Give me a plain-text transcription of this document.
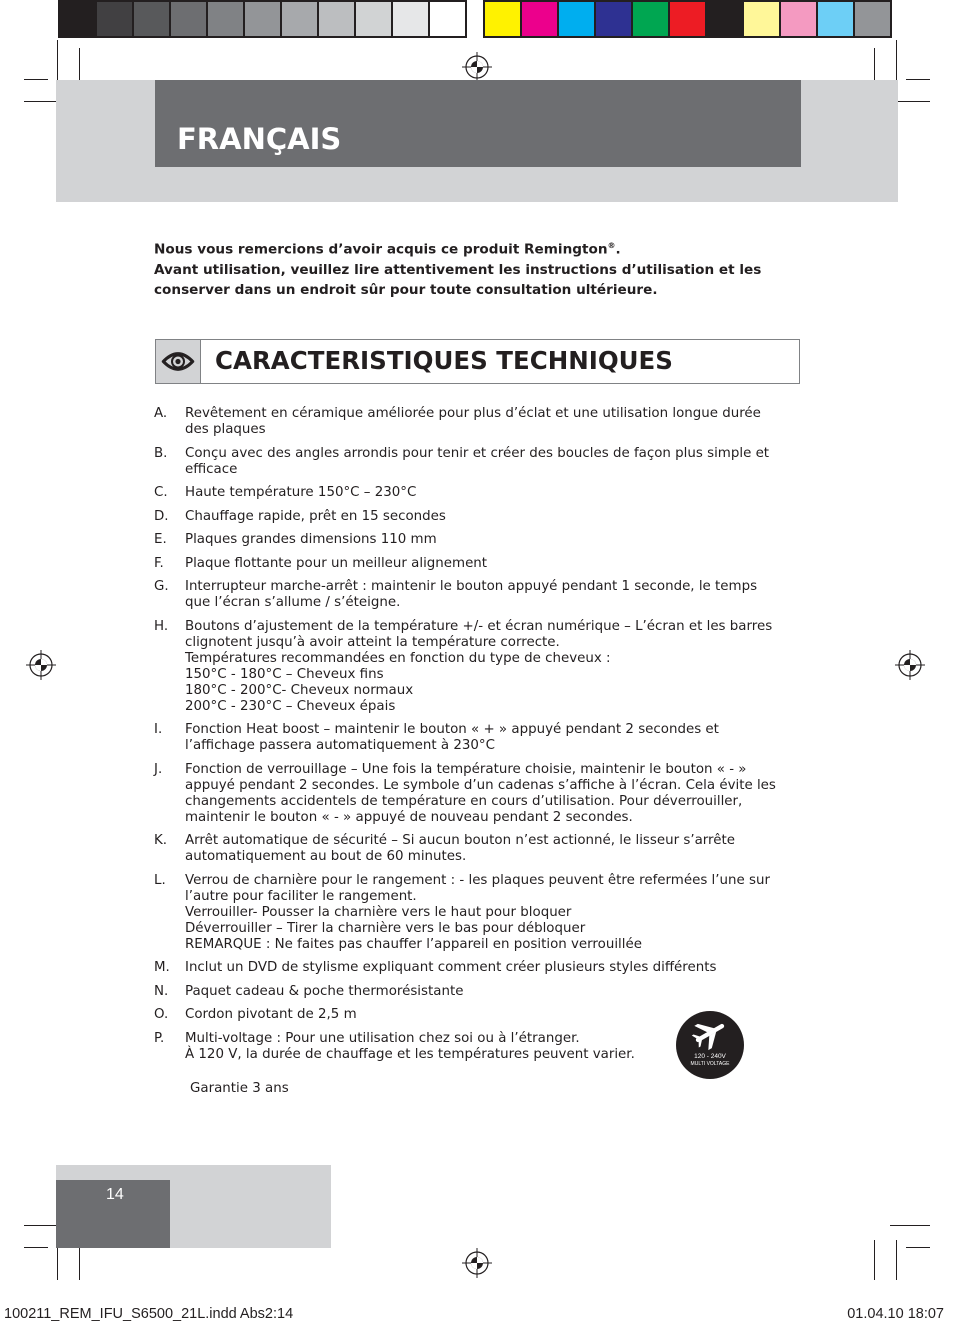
FRANÇAIS

Nous vous remercions d’avoir acquis ce produit Remington®.

Avant utilisation, veuillez lire attentivement les instructions d’utilisation et les conserver dans un endroit sûr pour toute consultation ultérieure.

CARACTERISTIQUES TECHNIQUES
A.	Revêtement en céramique améliorée pour plus d’éclat et une utilisation longue durée des plaques
B.	Conçu avec des angles arrondis pour tenir et créer des boucles de façon plus simple et efficace
C.	Haute température 150°C – 230°C
D.	Chauffage rapide, prêt en 15 secondes
E.	Plaques grandes dimensions 110 mm
F.	Plaque flottante pour un meilleur alignement
G.	Interrupteur marche-arrêt : maintenir le bouton appuyé pendant 1 seconde, le temps que l’écran s’allume / s’éteigne.
H.	Boutons d’ajustement de la température +/- et écran numérique – L’écran et les barres clignotent jusqu’à avoir atteint la température correcte.
Températures recommandées en fonction du type de cheveux :
150°C - 180°C – Cheveux fins
180°C - 200°C- Cheveux normaux
200°C - 230°C – Cheveux épais
I.	Fonction Heat boost – maintenir le bouton « + » appuyé pendant 2 secondes et l’affichage passera automatiquement à 230°C
J.	Fonction de verrouillage – Une fois la température choisie, maintenir le bouton « - » appuyé pendant 2 secondes. Le symbole d’un cadenas s’affiche à l’écran. Cela évite les changements accidentels de température en cours d’utilisation. Pour déverrouiller, maintenir le bouton « - » appuyé de nouveau pendant 2 secondes.
K.	Arrêt automatique de sécurité – Si aucun bouton n’est actionné, le lisseur s’arrête automatiquement au bout de 60 minutes.
L.	Verrou de charnière pour le rangement : - les plaques peuvent être refermées l’une sur l’autre pour faciliter le rangement.
Verrouiller- Pousser la charnière vers le haut pour bloquer
Déverrouiller – Tirer la charnière vers le bas pour débloquer
REMARQUE : Ne faites pas chauffer l’appareil en position verrouillée
M.	Inclut un DVD de stylisme expliquant comment créer plusieurs styles différents
N.	Paquet cadeau & poche thermorésistante
O.	Cordon pivotant de 2,5 m
P.	Multi-voltage : Pour une utilisation chez soi ou à l’étranger.
À 120 V, la durée de chauffage et les températures peuvent varier.
Garantie 3 ans
120 - 240V
MULTI VOLTAGE
14
100211_REM_IFU_S6500_21L.indd Abs2:14	01.04.10 18:07
